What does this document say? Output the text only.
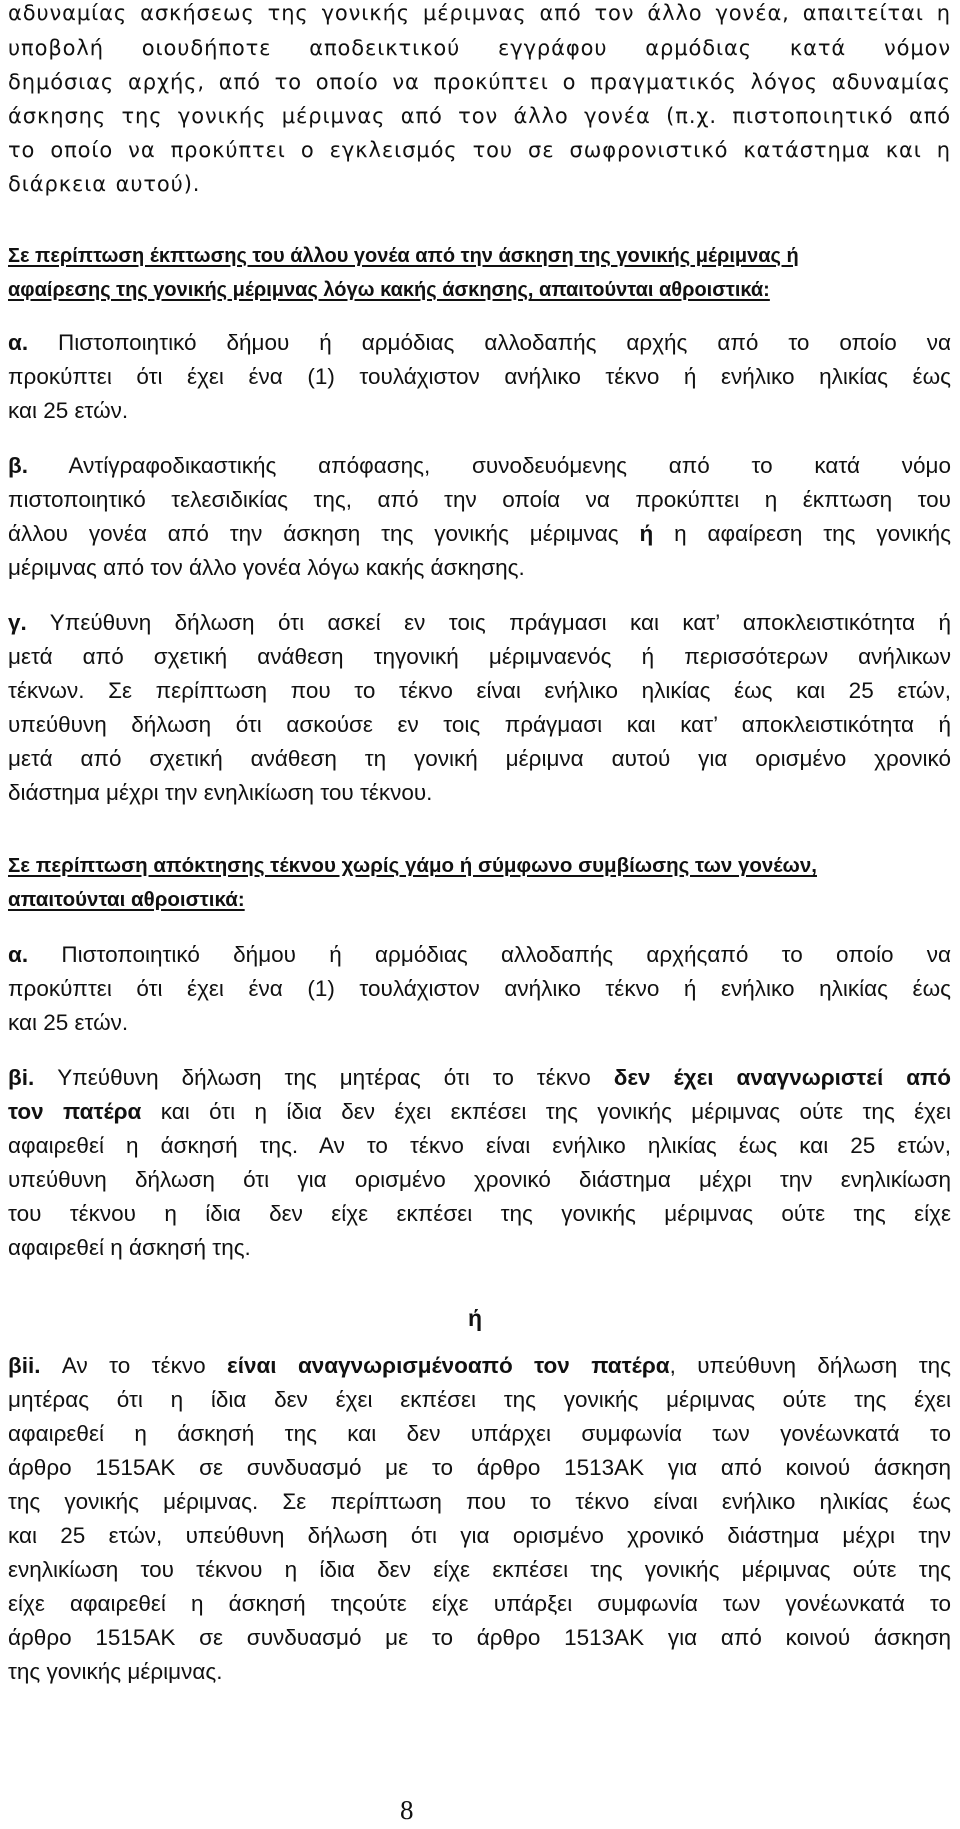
αδυναμίας ασκήσεως της γονικής μέριμνας από τον άλλο γονέα, απαιτείται η
υποβολή οιουδήποτε αποδεικτικού εγγράφου αρμόδιας κατά νόμον
δημόσιας αρχής, από το οποίο να προκύπτει ο πραγματικός λόγος αδυναμίας
άσκησης της γονικής μέριμνας από τον άλλο γονέα (π.χ. πιστοποιητικό από
το οποίο να προκύπτει ο εγκλεισμός του σε σωφρονιστικό κατάστημα και η
διάρκεια αυτού).
Σε περίπτωση έκπτωσης του άλλου γονέα από την άσκηση της γονικής μέριμνας ή
αφαίρεσης της γονικής μέριμνας λόγω κακής άσκησης, απαιτούνται αθροιστικά:
α. Πιστοποιητικό δήμου ή αρμόδιας αλλοδαπής αρχής από το οποίο να
προκύπτει ότι έχει ένα (1) τουλάχιστον ανήλικο τέκνο ή ενήλικο ηλικίας έως
και 25 ετών.
β. Αντίγραφοδικαστικής απόφασης, συνοδευόμενης από το κατά νόμο
πιστοποιητικό τελεσιδικίας της, από την οποία να προκύπτει η έκπτωση του
άλλου γονέα από την άσκηση της γονικής μέριμνας ή η αφαίρεση της γονικής
μέριμνας από τον άλλο γονέα λόγω κακής άσκησης.
γ. Υπεύθυνη δήλωση ότι ασκεί εν τοις πράγμασι και κατ’ αποκλειστικότητα ή
μετά από σχετική ανάθεση τηγονική μέριμναενός ή περισσότερων ανήλικων
τέκνων. Σε περίπτωση που το τέκνο είναι ενήλικο ηλικίας έως και 25 ετών,
υπεύθυνη δήλωση ότι ασκούσε εν τοις πράγμασι και κατ’ αποκλειστικότητα ή
μετά από σχετική ανάθεση τη γονική μέριμνα αυτού για ορισμένο χρονικό
διάστημα μέχρι την ενηλικίωση του τέκνου.
Σε περίπτωση απόκτησης τέκνου χωρίς γάμο ή σύμφωνο συμβίωσης των γονέων,
απαιτούνται αθροιστικά:
α. Πιστοποιητικό δήμου ή αρμόδιας αλλοδαπής αρχήςαπό το οποίο να
προκύπτει ότι έχει ένα (1) τουλάχιστον ανήλικο τέκνο ή ενήλικο ηλικίας έως
και 25 ετών.
βi. Υπεύθυνη δήλωση της μητέρας ότι το τέκνο δεν έχει αναγνωριστεί από
τον πατέρα και ότι η ίδια δεν έχει εκπέσει της γονικής μέριμνας ούτε της έχει
αφαιρεθεί η άσκησή της. Αν το τέκνο είναι ενήλικο ηλικίας έως και 25 ετών,
υπεύθυνη δήλωση ότι για ορισμένο χρονικό διάστημα μέχρι την ενηλικίωση
του τέκνου η ίδια δεν είχε εκπέσει της γονικής μέριμνας ούτε της είχε
αφαιρεθεί η άσκησή της.
βii. Αν το τέκνο είναι αναγνωρισμένοαπό τον πατέρα, υπεύθυνη δήλωση της
μητέρας ότι η ίδια δεν έχει εκπέσει της γονικής μέριμνας ούτε της έχει
αφαιρεθεί η άσκησή της και δεν υπάρχει συμφωνία των γονέωνκατά το
άρθρο 1515ΑΚ σε συνδυασμό με το άρθρο 1513ΑΚ για από κοινού άσκηση
της γονικής μέριμνας. Σε περίπτωση που το τέκνο είναι ενήλικο ηλικίας έως
και 25 ετών, υπεύθυνη δήλωση ότι για ορισμένο χρονικό διάστημα μέχρι την
ενηλικίωση του τέκνου η ίδια δεν είχε εκπέσει της γονικής μέριμνας ούτε της
είχε αφαιρεθεί η άσκησή τηςούτε είχε υπάρξει συμφωνία των γονέωνκατά το
άρθρο 1515ΑΚ σε συνδυασμό με το άρθρο 1513ΑΚ για από κοινού άσκηση
της γονικής μέριμνας.
ή
8
